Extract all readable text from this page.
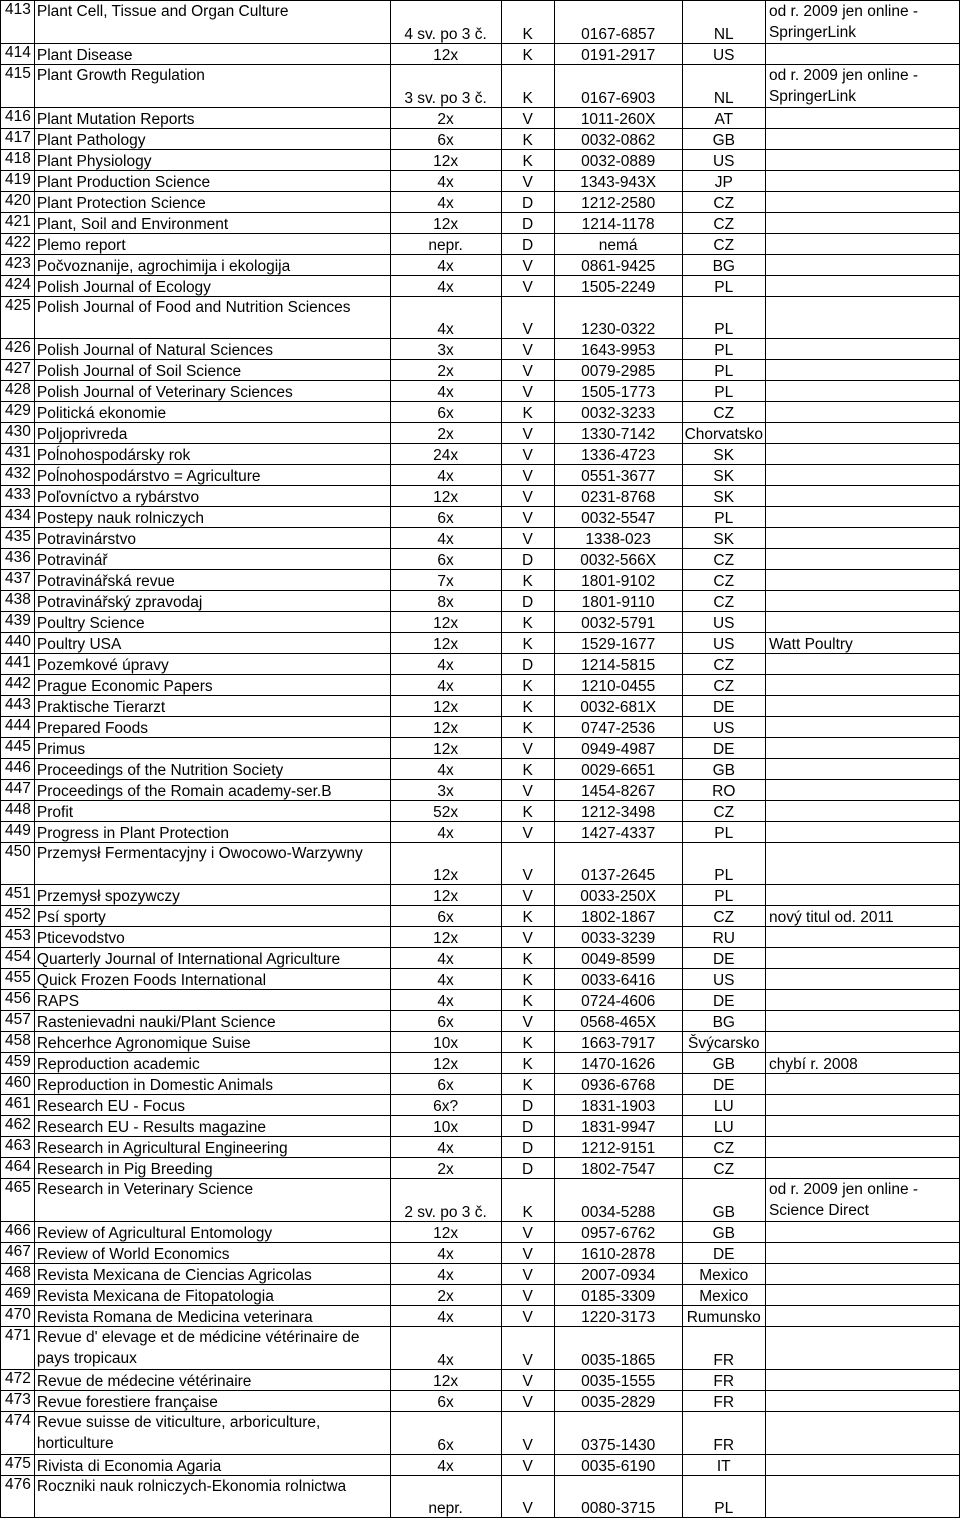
413	Plant Cell, Tissue and Organ Culture	4 sv. po 3 č.	K	0167-6857	NL	od r. 2009 jen online - SpringerLink
414	Plant Disease	12x	K	0191-2917	US	
415	Plant Growth Regulation	3 sv. po 3 č.	K	0167-6903	NL	od r. 2009 jen online - SpringerLink
416	Plant Mutation Reports	2x	V	1011-260X	AT	
417	Plant Pathology	6x	K	0032-0862	GB	
418	Plant Physiology	12x	K	0032-0889	US	
419	Plant Production Science	4x	V	1343-943X	JP	
420	Plant Protection Science	4x	D	1212-2580	CZ	
421	Plant, Soil and Environment	12x	D	1214-1178	CZ	
422	Plemo report	nepr.	D	nemá	CZ	
423	Počvoznanije, agrochimija i ekologija	4x	V	0861-9425	BG	
424	Polish Journal of Ecology	4x	V	1505-2249	PL	
425	Polish Journal of Food and Nutrition Sciences	4x	V	1230-0322	PL	
426	Polish Journal of Natural Sciences	3x	V	1643-9953	PL	
427	Polish Journal of Soil Science	2x	V	0079-2985	PL	
428	Polish Journal of Veterinary Sciences	4x	V	1505-1773	PL	
429	Politická ekonomie	6x	K	0032-3233	CZ	
430	Poljoprivreda	2x	V	1330-7142	Chorvatsko	
431	Poĺnohospodársky rok	24x	V	1336-4723	SK	
432	Poĺnohospodárstvo = Agriculture	4x	V	0551-3677	SK	
433	Poľovníctvo a rybárstvo	12x	V	0231-8768	SK	
434	Postepy nauk rolniczych	6x	V	0032-5547	PL	
435	Potravinárstvo	4x	V	1338-023	SK	
436	Potravinář	6x	D	0032-566X	CZ	
437	Potravinářská revue	7x	K	1801-9102	CZ	
438	Potravinářský zpravodaj	8x	D	1801-9110	CZ	
439	Poultry Science	12x	K	0032-5791	US	
440	Poultry USA	12x	K	1529-1677	US	Watt Poultry
441	Pozemkové úpravy	4x	D	1214-5815	CZ	
442	Prague Economic Papers	4x	K	1210-0455	CZ	
443	Praktische Tierarzt	12x	K	0032-681X	DE	
444	Prepared Foods	12x	K	0747-2536	US	
445	Primus	12x	V	0949-4987	DE	
446	Proceedings of the Nutrition Society	4x	K	0029-6651	GB	
447	Proceedings of the Romain academy-ser.B	3x	V	1454-8267	RO	
448	Profit	52x	K	1212-3498	CZ	
449	Progress in Plant Protection	4x	V	1427-4337	PL	
450	Przemysł Fermentacyjny i Owocowo-Warzywny	12x	V	0137-2645	PL	
451	Przemysł spozywczy	12x	V	0033-250X	PL	
452	Psí sporty	6x	K	1802-1867	CZ	nový titul od. 2011
453	Pticevodstvo	12x	V	0033-3239	RU	
454	Quarterly Journal of International Agriculture	4x	K	0049-8599	DE	
455	Quick Frozen Foods International	4x	K	0033-6416	US	
456	RAPS	4x	K	0724-4606	DE	
457	Rastenievadni nauki/Plant Science	6x	V	0568-465X	BG	
458	Rehcerhce Agronomique Suise	10x	K	1663-7917	Švýcarsko	
459	Reproduction academic	12x	K	1470-1626	GB	chybí r. 2008
460	Reproduction in Domestic Animals	6x	K	0936-6768	DE	
461	Research EU - Focus	6x?	D	1831-1903	LU	
462	Research EU - Results magazine	10x	D	1831-9947	LU	
463	Research in Agricultural Engineering	4x	D	1212-9151	CZ	
464	Research in Pig Breeding	2x	D	1802-7547	CZ	
465	Research in Veterinary Science	2 sv. po 3 č.	K	0034-5288	GB	od r. 2009 jen online - Science Direct
466	Review of Agricultural Entomology	12x	V	0957-6762	GB	
467	Review of World Economics	4x	V	1610-2878	DE	
468	Revista Mexicana de Ciencias Agricolas	4x	V	2007-0934	Mexico	
469	Revista Mexicana de Fitopatologia	2x	V	0185-3309	Mexico	
470	Revista Romana de Medicina veterinara	4x	V	1220-3173	Rumunsko	
471	Revue d' elevage et de médicine vétérinaire de pays tropicaux	4x	V	0035-1865	FR	
472	Revue de médecine vétérinaire	12x	V	0035-1555	FR	
473	Revue forestiere française	6x	V	0035-2829	FR	
474	Revue suisse de viticulture, arboriculture, horticulture	6x	V	0375-1430	FR	
475	Rivista di Economia Agaria	4x	V	0035-6190	IT	
476	Roczniki nauk rolniczych-Ekonomia rolnictwa	nepr.	V	0080-3715	PL	
